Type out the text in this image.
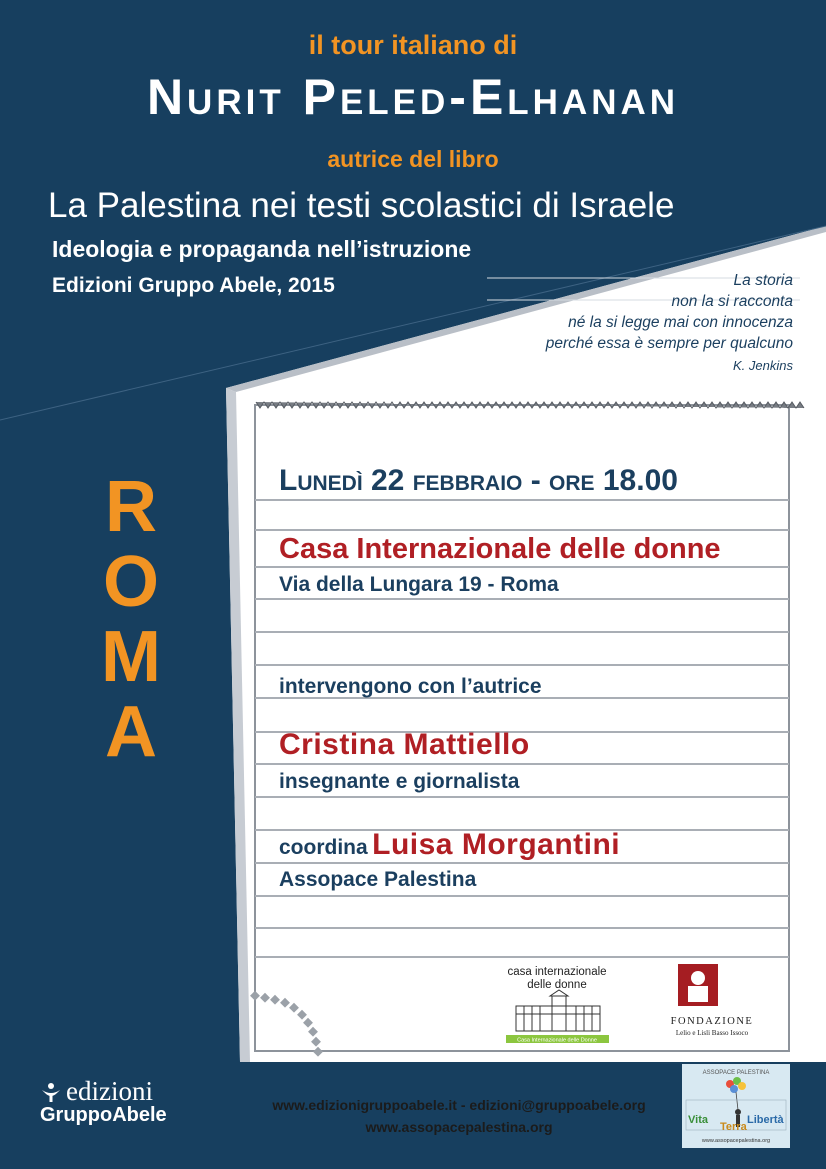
il tour italiano di
Nurit Peled-Elhanan
autrice del libro
La Palestina nei testi scolastici di Israele
Ideologia e propaganda nell’istruzione
Edizioni Gruppo Abele, 2015	La storia
non la si racconta
né la si legge mai con innocenza
perché essa è sempre per qualcuno
K. Jenkins
R
O
M
A
Lunedì 22 febbraio - ore 18.00
Casa Internazionale delle donne
Via della Lungara 19 - Roma
intervengono con l’autrice
Cristina Mattiello
insegnante e giornalista
coordina Luisa Morgantini
Assopace Palestina
casa internazionale
delle donne
Casa Internazionale delle Donne
FONDAZIONE
Lelio e Lisli Basso Issoco
edizioni
GruppoAbele	www.edizionigruppoabele.it - edizioni@gruppoabele.org
www.assopacepalestina.org
ASSOPACE PALESTINA
Vita
Terra
Libertà
www.assopacepalestina.org
